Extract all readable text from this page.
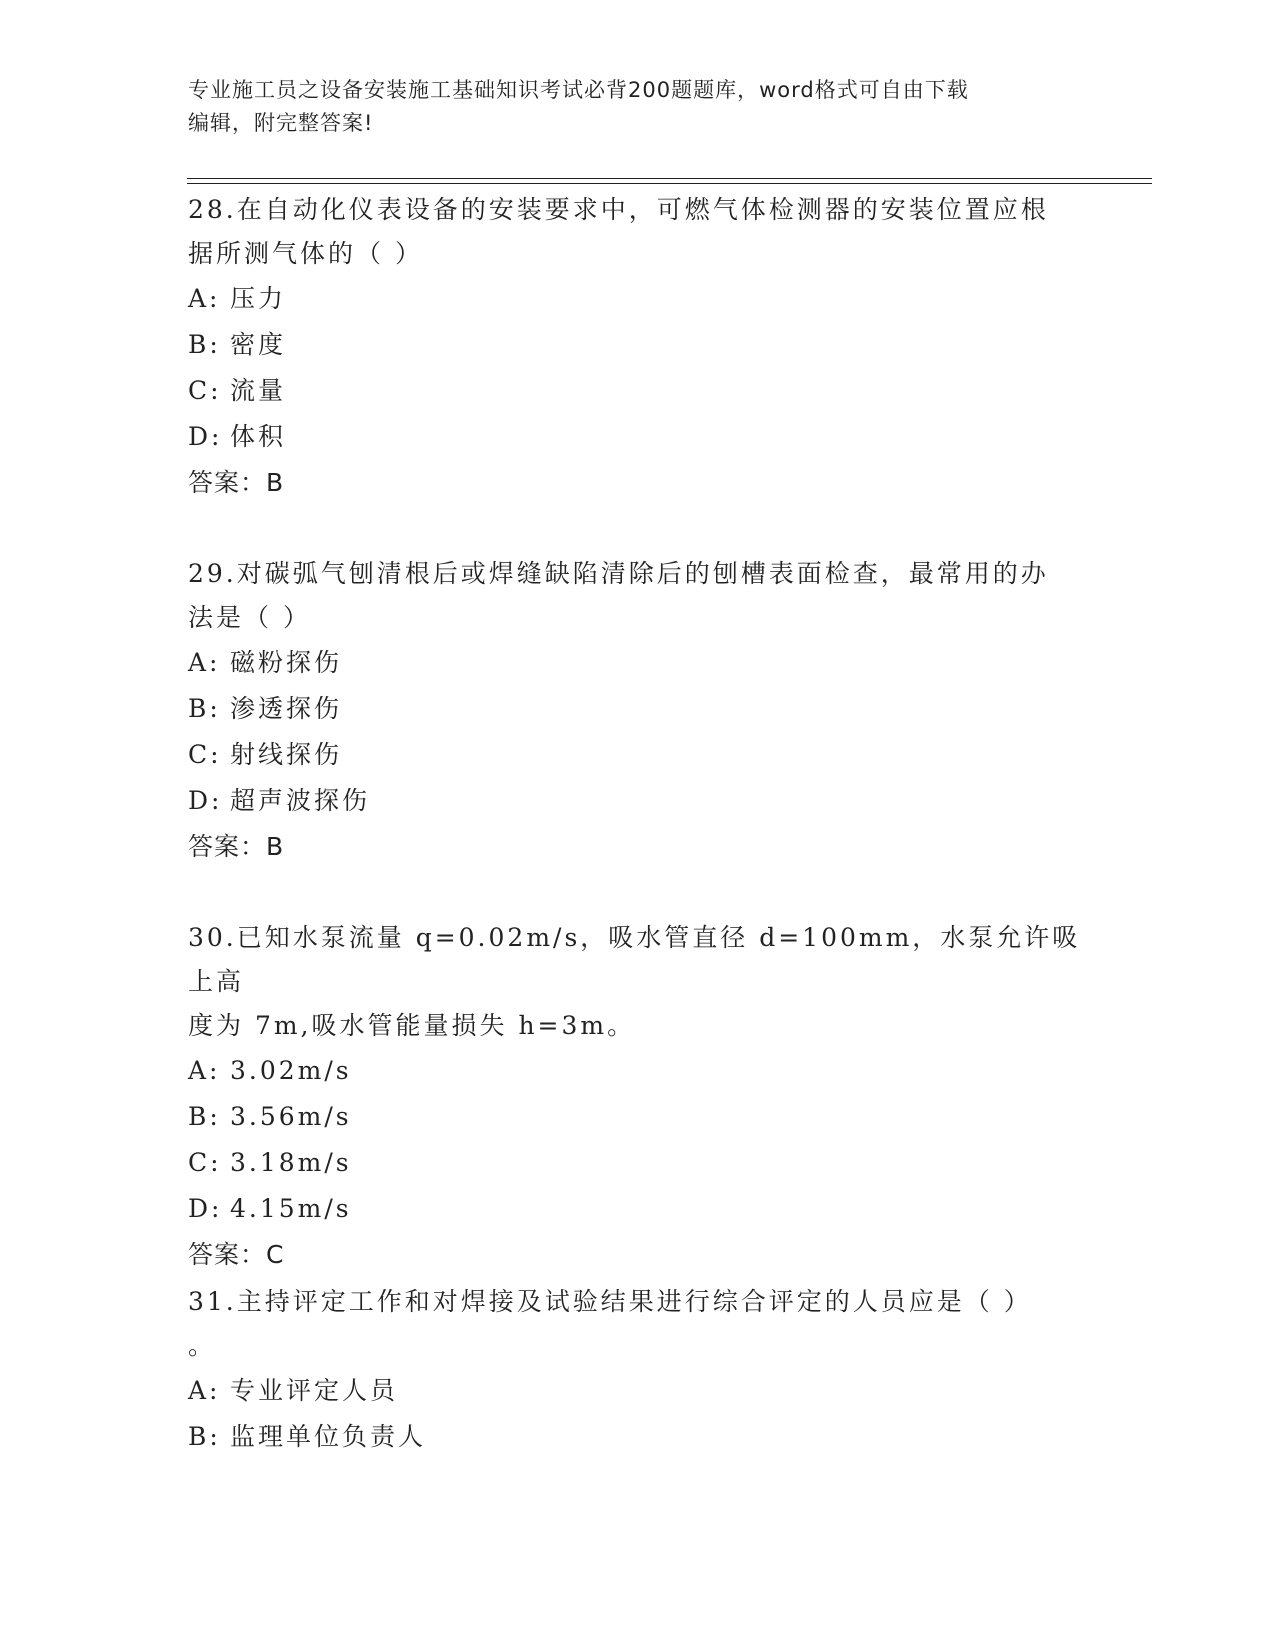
专业施工员之设备安装施工基础知识考试必背200题题库，word格式可自由下载
编辑，附完整答案!
28.在自动化仪表设备的安装要求中，可燃气体检测器的安装位置应根
据所测气体的（ ）
A: 压力
B: 密度
C: 流量
D: 体积
答案：B
29.对碳弧气刨清根后或焊缝缺陷清除后的刨槽表面检查，最常用的办
法是（ ）
A: 磁粉探伤
B: 渗透探伤
C: 射线探伤
D: 超声波探伤
答案：B
30.已知水泵流量 q=0.02m/s，吸水管直径 d=100mm，水泵允许吸上高
度为 7m,吸水管能量损失 h=3m。
A: 3.02m/s
B: 3.56m/s
C: 3.18m/s
D: 4.15m/s
答案：C
31.主持评定工作和对焊接及试验结果进行综合评定的人员应是（ ）
。
A: 专业评定人员
B: 监理单位负责人
